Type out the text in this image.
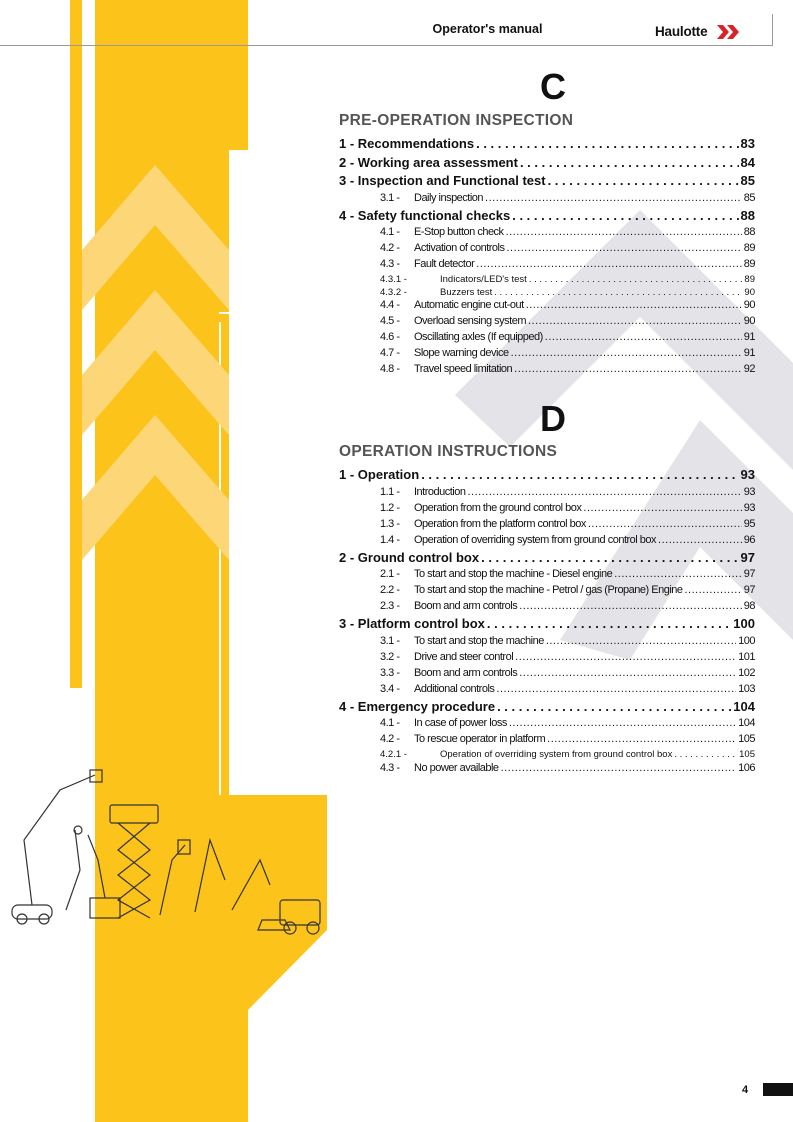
Operator's manual	Haulotte
C
PRE-OPERATION INSPECTION
1 - Recommendations . . .	83
2 - Working area assessment . . .	84
3 - Inspection and Functional test . . .	85
3.1 -	Daily inspection .....	85
4 - Safety functional checks . . .	88
4.1 -	E-Stop button check .....	88
4.2 -	Activation of controls .....	89
4.3 -	Fault detector .....	89
4.3.1 -	Indicators/LED's test . . .	89
4.3.2 -	Buzzers test . . .	90
4.4 -	Automatic engine cut-out .....	90
4.5 -	Overload sensing system .....	90
4.6 -	Oscillating axles (If equipped) .....	91
4.7 -	Slope warning device .....	91
4.8 -	Travel speed limitation .....	92
D
OPERATION INSTRUCTIONS
1 - Operation . . .	93
1.1 -	Introduction .....	93
1.2 -	Operation from the ground control box .....	93
1.3 -	Operation from the platform control box .....	95
1.4 -	Operation of overriding system from ground control box .....	96
2 - Ground control box . . .	97
2.1 -	To start and stop the machine - Diesel engine .....	97
2.2 -	To start and stop the machine - Petrol / gas (Propane) Engine .....	97
2.3 -	Boom and arm controls .....	98
3 - Platform control box . . .	100
3.1 -	To start and stop the machine .....	100
3.2 -	Drive and steer control .....	101
3.3 -	Boom and arm controls .....	102
3.4 -	Additional controls .....	103
4 - Emergency procedure . . .	104
4.1 -	In case of power loss .....	104
4.2 -	To rescue operator in platform .....	105
4.2.1 -	Operation of overriding system from ground control box . . .	105
4.3 -	No power available .....	106
4
